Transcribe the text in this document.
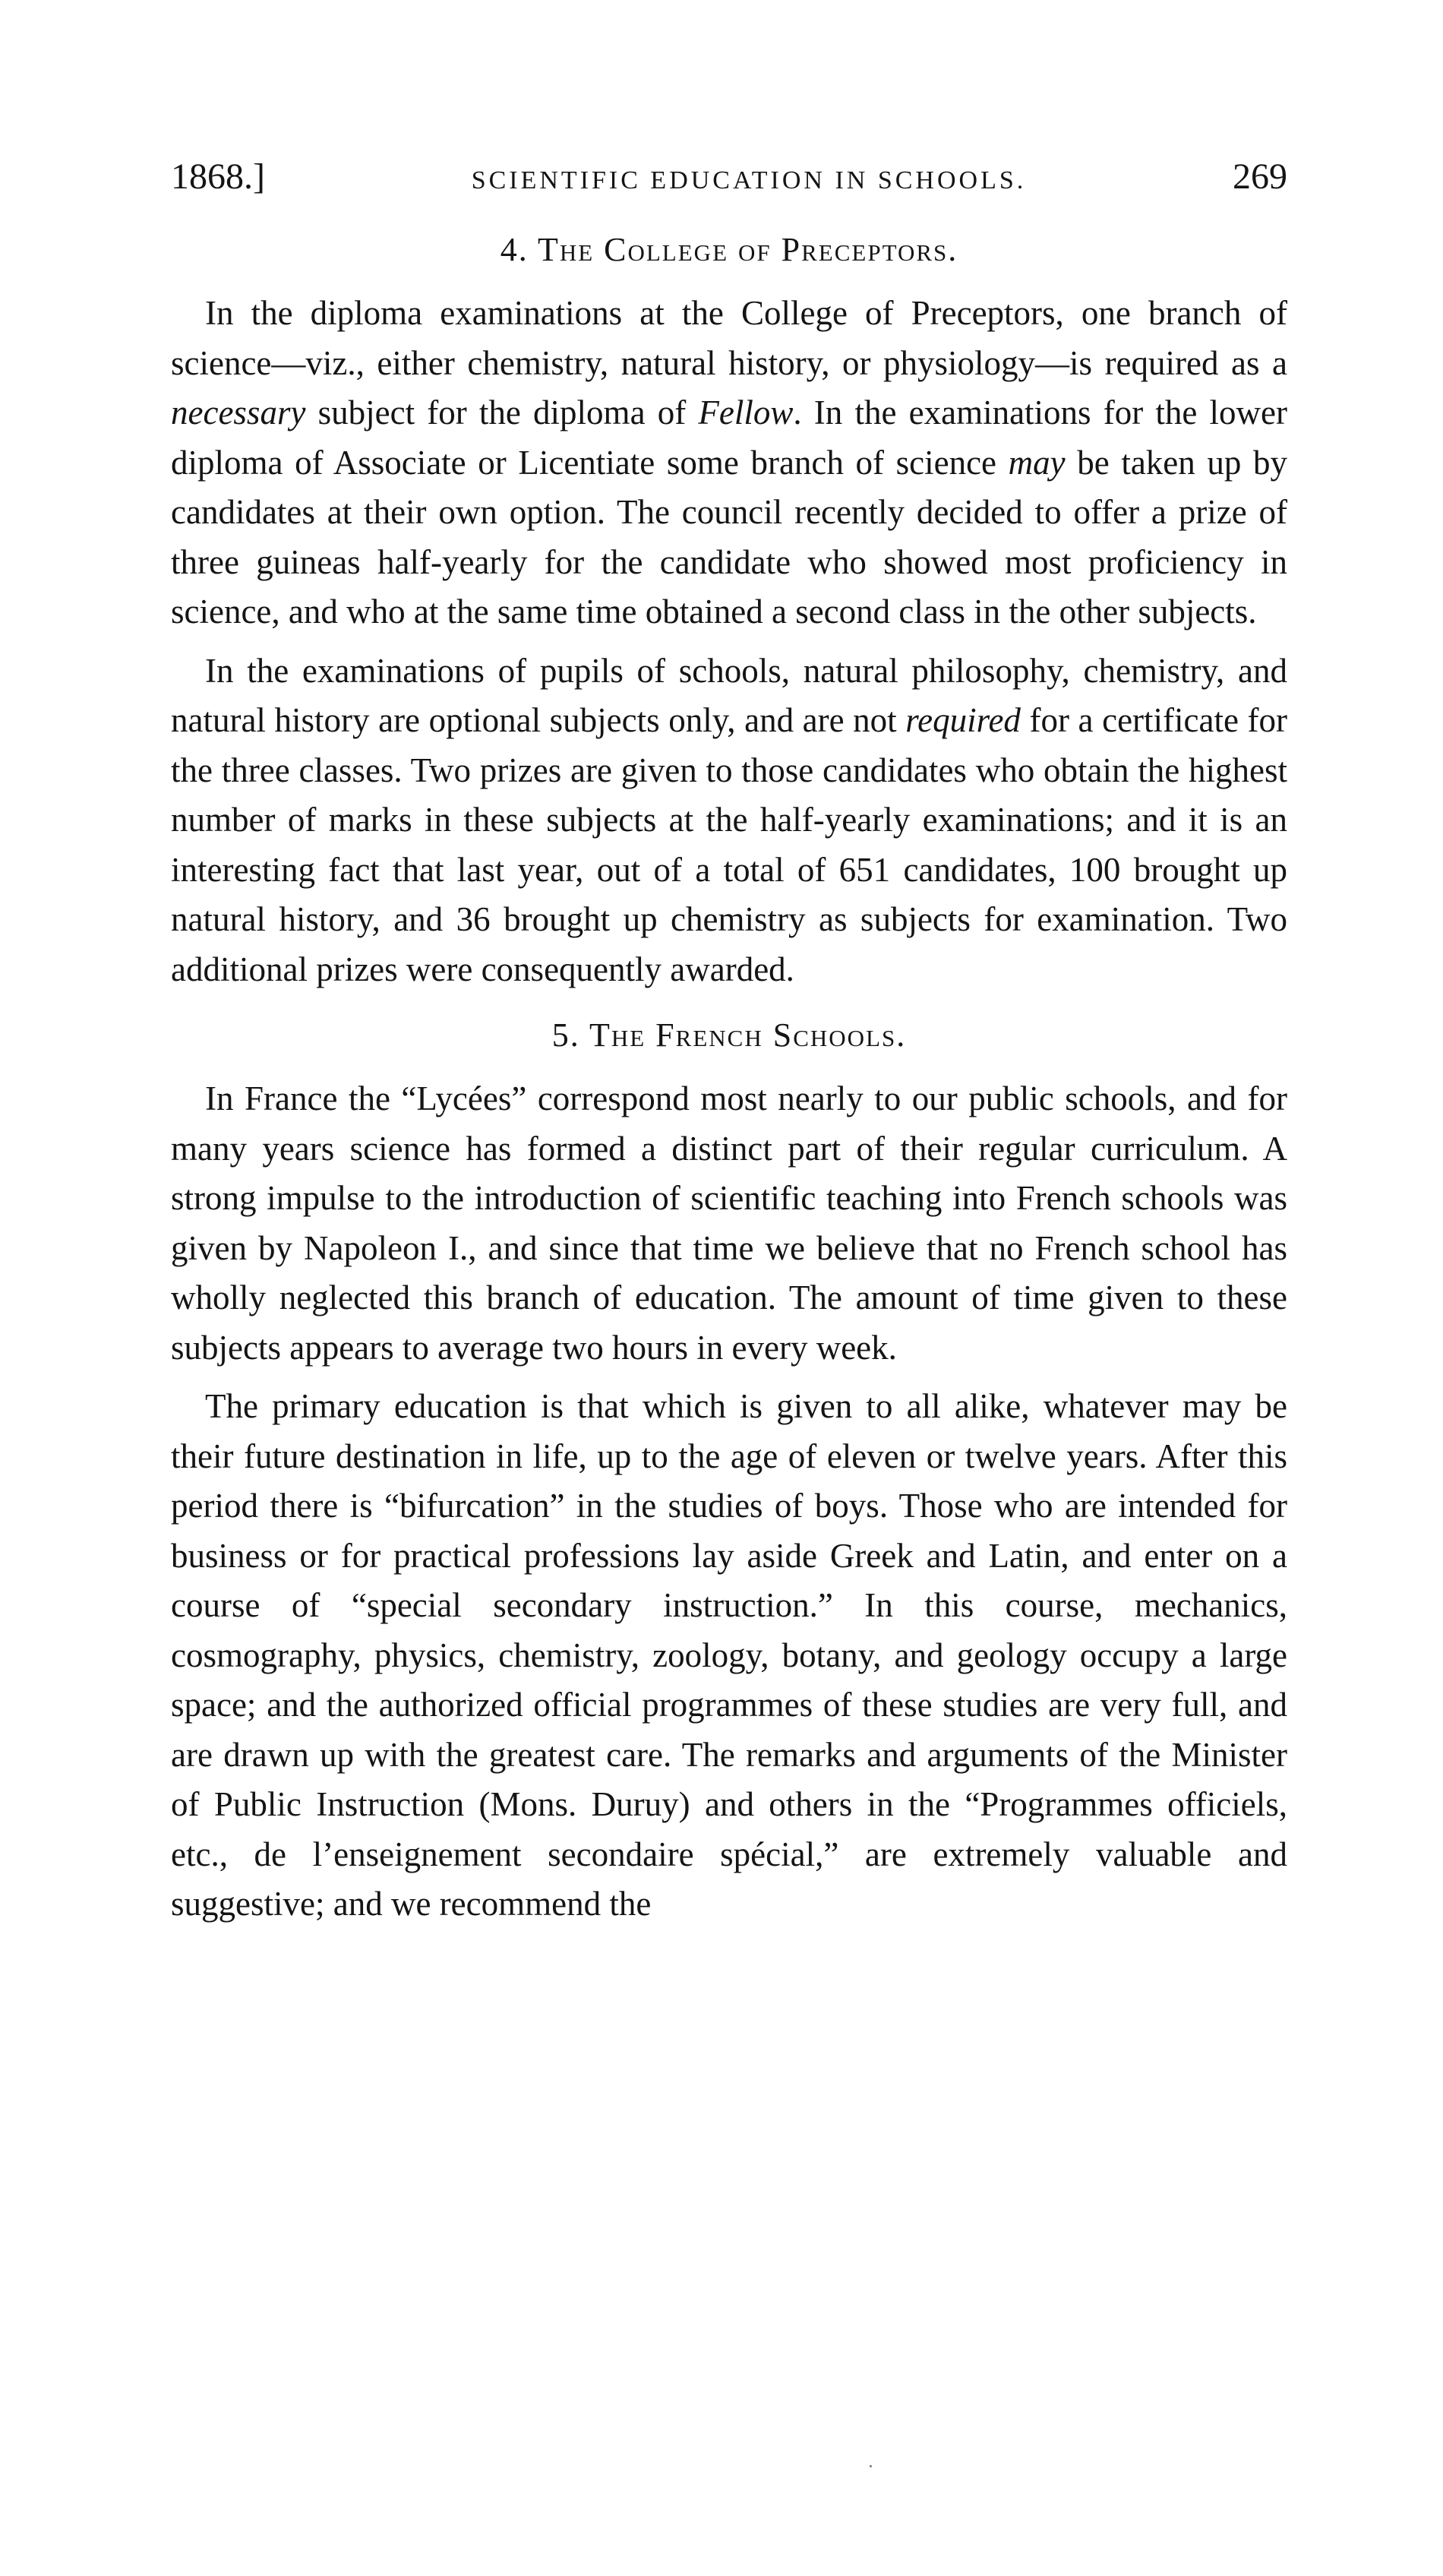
1868.]	SCIENTIFIC EDUCATION IN SCHOOLS.	269
4. The College of Preceptors.

In the diploma examinations at the College of Preceptors, one branch of science—viz., either chemistry, natural history, or physiology—is required as a necessary subject for the diploma of Fellow. In the examinations for the lower diploma of Associate or Licentiate some branch of science may be taken up by candidates at their own option. The council recently decided to offer a prize of three guineas half-yearly for the candidate who showed most proficiency in science, and who at the same time obtained a second class in the other subjects.

In the examinations of pupils of schools, natural philosophy, chemistry, and natural history are optional subjects only, and are not required for a certificate for the three classes. Two prizes are given to those candidates who obtain the highest number of marks in these subjects at the half-yearly examinations; and it is an interesting fact that last year, out of a total of 651 candidates, 100 brought up natural history, and 36 brought up chemistry as subjects for examination. Two additional prizes were consequently awarded.

5. The French Schools.

In France the “Lycées” correspond most nearly to our public schools, and for many years science has formed a distinct part of their regular curriculum. A strong impulse to the introduction of scientific teaching into French schools was given by Napoleon I., and since that time we believe that no French school has wholly neglected this branch of education. The amount of time given to these subjects appears to average two hours in every week.

The primary education is that which is given to all alike, whatever may be their future destination in life, up to the age of eleven or twelve years. After this period there is “bifurcation” in the studies of boys. Those who are intended for business or for practical professions lay aside Greek and Latin, and enter on a course of “special secondary instruction.” In this course, mechanics, cosmography, physics, chemistry, zoology, botany, and geology occupy a large space; and the authorized official programmes of these studies are very full, and are drawn up with the greatest care. The remarks and arguments of the Minister of Public Instruction (Mons. Duruy) and others in the “Programmes officiels, etc., de l’enseignement secondaire spécial,” are extremely valuable and suggestive; and we recommend the
